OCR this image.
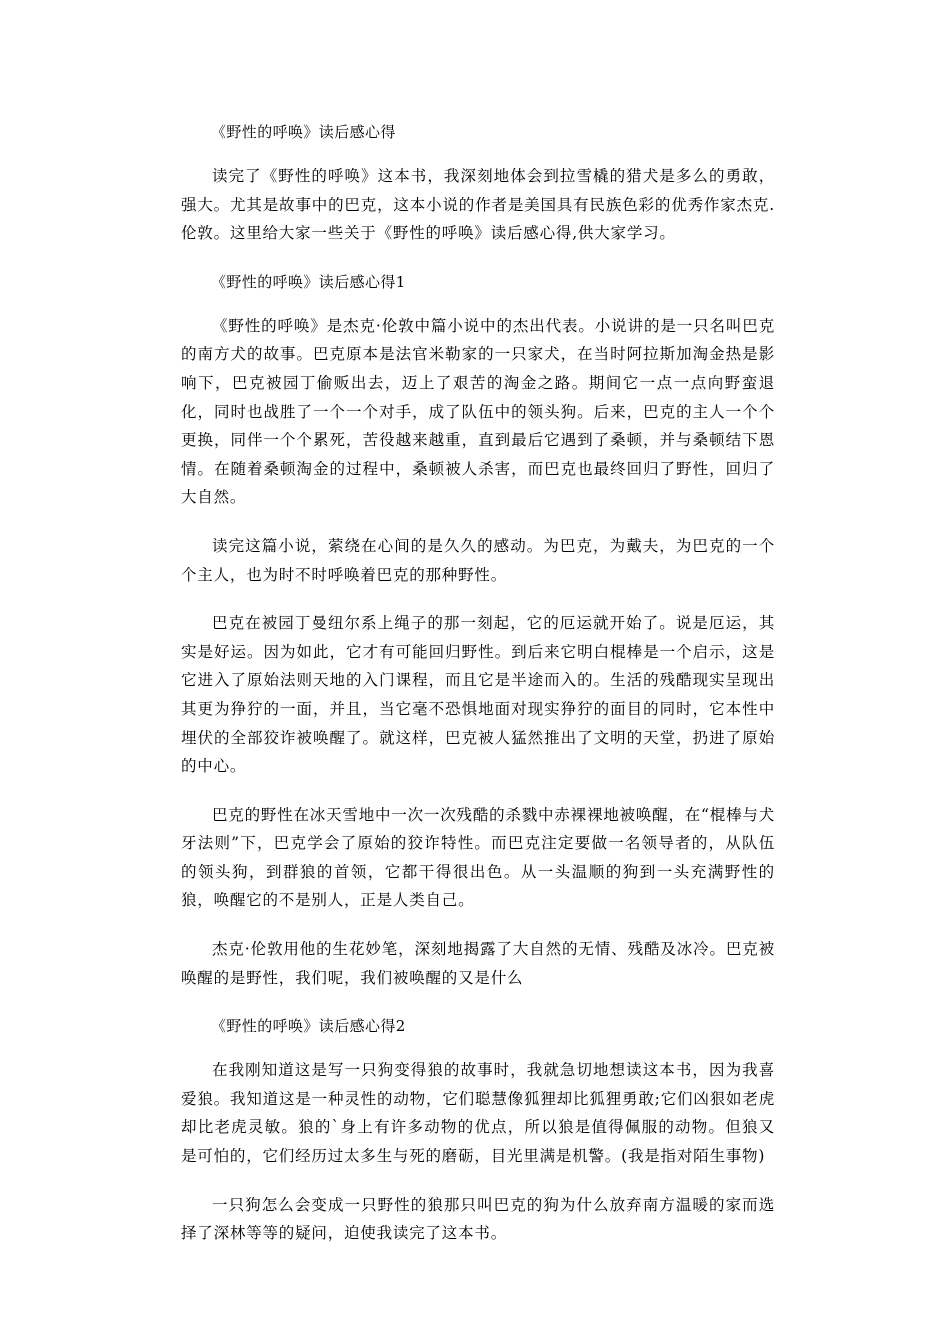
《野性的呼唤》读后感心得

读完了《野性的呼唤》这本书，我深刻地体会到拉雪橇的猎犬是多么的勇敢，强大。尤其是故事中的巴克，这本小说的作者是美国具有民族色彩的优秀作家杰克.伦敦。这里给大家一些关于《野性的呼唤》读后感心得,供大家学习。

《野性的呼唤》读后感心得1

《野性的呼唤》是杰克·伦敦中篇小说中的杰出代表。小说讲的是一只名叫巴克的南方犬的故事。巴克原本是法官米勒家的一只家犬，在当时阿拉斯加淘金热是影响下，巴克被园丁偷贩出去，迈上了艰苦的淘金之路。期间它一点一点向野蛮退化，同时也战胜了一个一个对手，成了队伍中的领头狗。后来，巴克的主人一个个更换，同伴一个个累死，苦役越来越重，直到最后它遇到了桑顿，并与桑顿结下恩情。在随着桑顿淘金的过程中，桑顿被人杀害，而巴克也最终回归了野性，回归了大自然。

读完这篇小说，萦绕在心间的是久久的感动。为巴克，为戴夫，为巴克的一个个主人，也为时不时呼唤着巴克的那种野性。

巴克在被园丁曼纽尔系上绳子的那一刻起，它的厄运就开始了。说是厄运，其实是好运。因为如此，它才有可能回归野性。到后来它明白棍棒是一个启示，这是它进入了原始法则天地的入门课程，而且它是半途而入的。生活的残酷现实呈现出其更为狰狞的一面，并且，当它毫不恐惧地面对现实狰狞的面目的同时，它本性中埋伏的全部狡诈被唤醒了。就这样，巴克被人猛然推出了文明的天堂，扔进了原始的中心。

巴克的野性在冰天雪地中一次一次残酷的杀戮中赤裸裸地被唤醒，在“棍棒与犬牙法则”下，巴克学会了原始的狡诈特性。而巴克注定要做一名领导者的，从队伍的领头狗，到群狼的首领，它都干得很出色。从一头温顺的狗到一头充满野性的狼，唤醒它的不是别人，正是人类自己。

杰克·伦敦用他的生花妙笔，深刻地揭露了大自然的无情、残酷及冰冷。巴克被唤醒的是野性，我们呢，我们被唤醒的又是什么

《野性的呼唤》读后感心得2

在我刚知道这是写一只狗变得狼的故事时，我就急切地想读这本书，因为我喜爱狼。我知道这是一种灵性的动物，它们聪慧像狐狸却比狐狸勇敢;它们凶狠如老虎却比老虎灵敏。狼的`身上有许多动物的优点，所以狼是值得佩服的动物。但狼又是可怕的，它们经历过太多生与死的磨砺，目光里满是机警。(我是指对陌生事物)

一只狗怎么会变成一只野性的狼那只叫巴克的狗为什么放弃南方温暖的家而选择了深林等等的疑问，迫使我读完了这本书。
